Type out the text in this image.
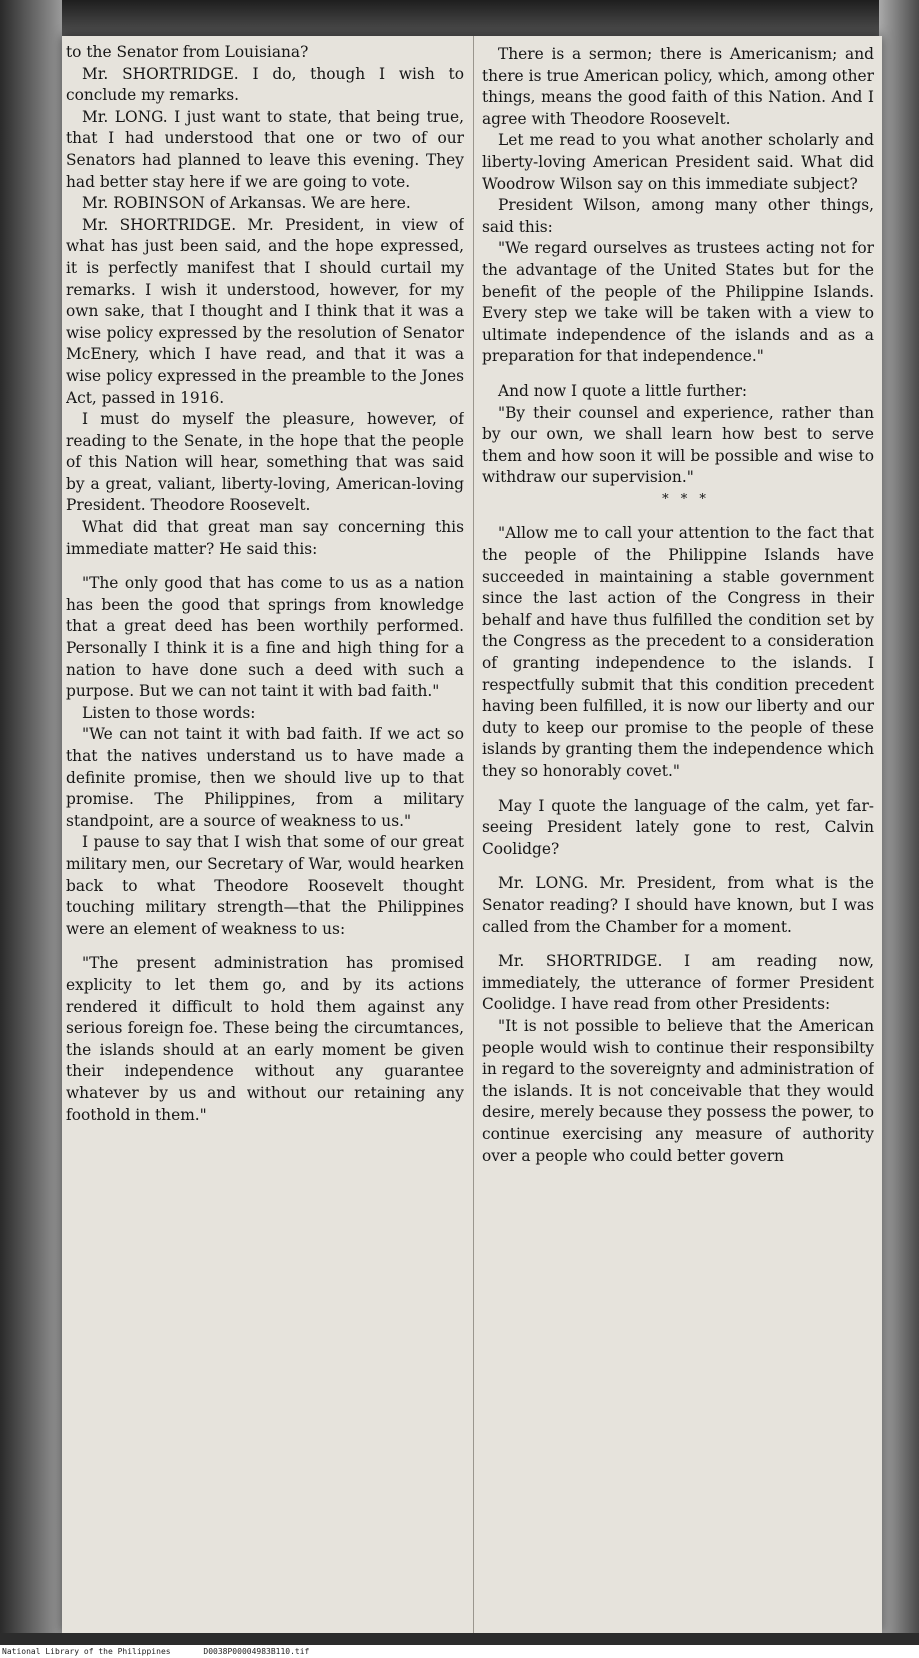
to the Senator from Louisiana?

Mr. SHORTRIDGE. I do, though I wish to conclude my remarks.

Mr. LONG. I just want to state, that being true, that I had understood that one or two of our Senators had planned to leave this evening. They had better stay here if we are going to vote.

Mr. ROBINSON of Arkansas. We are here.

Mr. SHORTRIDGE. Mr. President, in view of what has just been said, and the hope expressed, it is perfectly manifest that I should curtail my remarks. I wish it understood, however, for my own sake, that I thought and I think that it was a wise policy expressed by the resolution of Senator McEnery, which I have read, and that it was a wise policy expressed in the preamble to the Jones Act, passed in 1916.

I must do myself the pleasure, however, of reading to the Senate, in the hope that the people of this Nation will hear, something that was said by a great, valiant, liberty-loving, American-loving President. Theodore Roosevelt.

What did that great man say concerning this immediate matter? He said this:

"The only good that has come to us as a nation has been the good that springs from knowledge that a great deed has been worthily performed. Personally I think it is a fine and high thing for a nation to have done such a deed with such a purpose. But we can not taint it with bad faith."

Listen to those words:

"We can not taint it with bad faith. If we act so that the natives understand us to have made a definite promise, then we should live up to that promise. The Philippines, from a military standpoint, are a source of weakness to us."

I pause to say that I wish that some of our great military men, our Secretary of War, would hearken back to what Theodore Roosevelt thought touching military strength—that the Philippines were an element of weakness to us:

"The present administration has promised explicity to let them go, and by its actions rendered it difficult to hold them against any serious foreign foe. These being the circumtances, the islands should at an early moment be given their independence without any guarantee whatever by us and without our retaining any foothold in them."

There is a sermon; there is Americanism; and there is true American policy, which, among other things, means the good faith of this Nation. And I agree with Theodore Roosevelt.

Let me read to you what another scholarly and liberty-loving American President said. What did Woodrow Wilson say on this immediate subject?

President Wilson, among many other things, said this:

"We regard ourselves as trustees acting not for the advantage of the United States but for the benefit of the people of the Philippine Islands. Every step we take will be taken with a view to ultimate independence of the islands and as a preparation for that independence."

And now I quote a little further:

"By their counsel and experience, rather than by our own, we shall learn how best to serve them and how soon it will be possible and wise to withdraw our supervision."

* * *

"Allow me to call your attention to the fact that the people of the Philippine Islands have succeeded in maintaining a stable government since the last action of the Congress in their behalf and have thus fulfilled the condition set by the Congress as the precedent to a consideration of granting independence to the islands. I respectfully submit that this condition precedent having been fulfilled, it is now our liberty and our duty to keep our promise to the people of these islands by granting them the independence which they so honorably covet."

May I quote the language of the calm, yet far-seeing President lately gone to rest, Calvin Coolidge?

Mr. LONG. Mr. President, from what is the Senator reading? I should have known, but I was called from the Chamber for a moment.

Mr. SHORTRIDGE. I am reading now, immediately, the utterance of former President Coolidge. I have read from other Presidents:

"It is not possible to believe that the American people would wish to continue their responsibilty in regard to the sovereignty and administration of the islands. It is not conceivable that they would desire, merely because they possess the power, to continue exercising any measure of authority over a people who could better govern

National Library of the Philippines	D0038P00004983B110.tif
